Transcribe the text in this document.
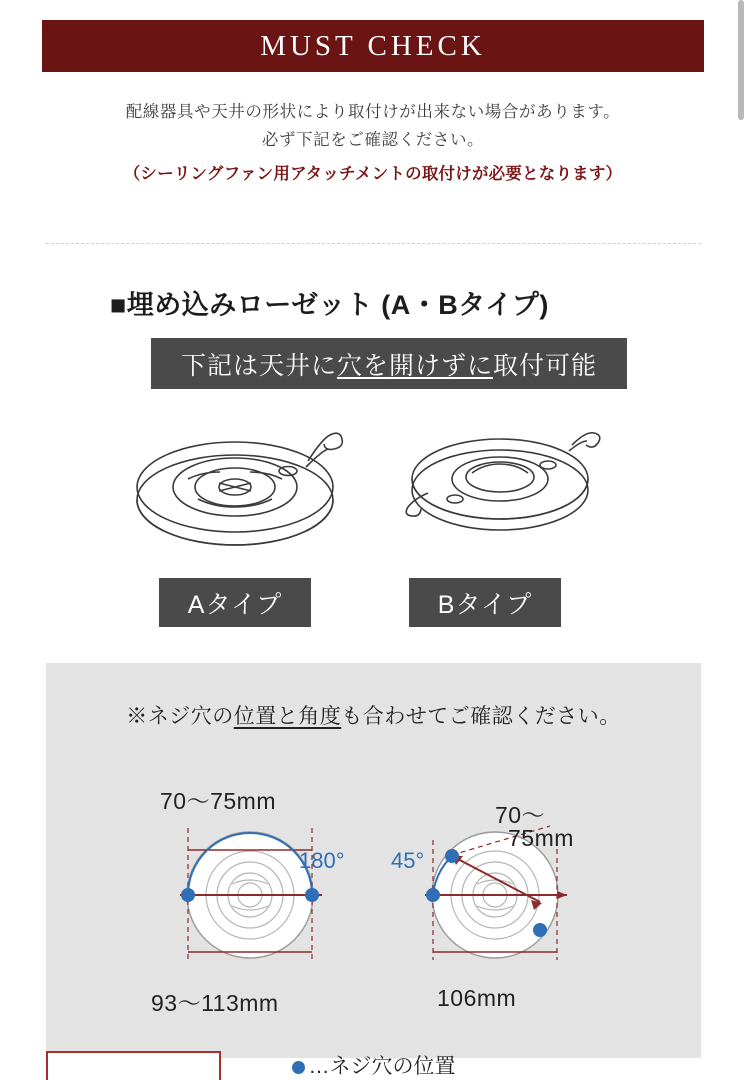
MUST CHECK
配線器具や天井の形状により取付けが出来ない場合があります。
必ず下記をご確認ください。
（シーリングファン用アタッチメントの取付けが必要となります）
■埋め込みローゼット (A・Bタイプ)
下記は天井に 穴を開けずに 取付可能
Aタイプ	Bタイプ
※ネジ穴の位置と角度も合わせてご確認ください。
70〜75mm
180°
93〜113mm
70〜
75mm
45°
106mm
…ネジ穴の位置
